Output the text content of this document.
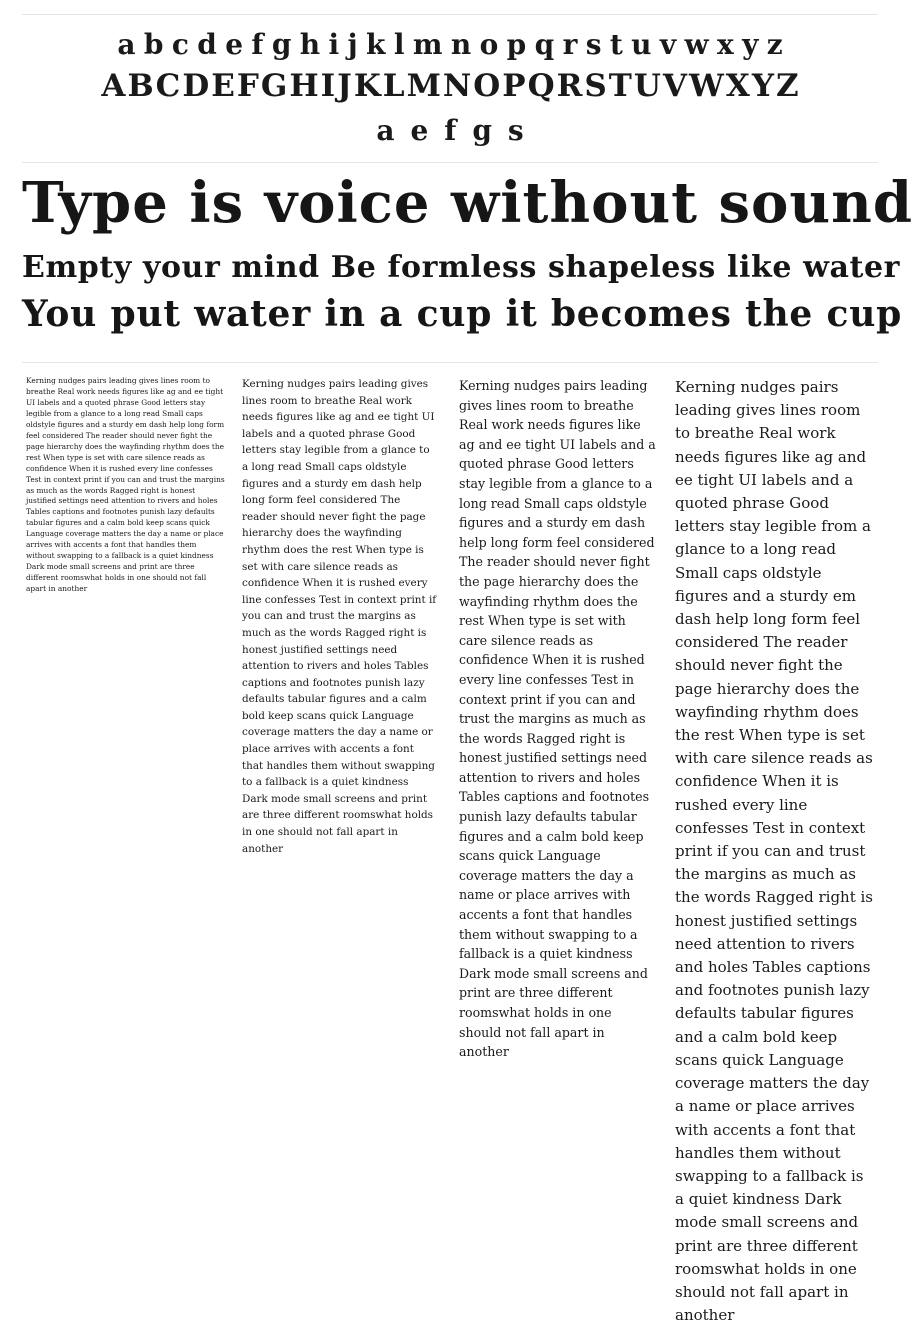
a b c d e f g h i j k l m n o p q r s t u v w x y z
A B C D E F G H I J K L M N O P Q R S T U V W X Y Z
a e f g s
Type is voice without sound
Empty your mind Be formless shapeless like water
You put water in a cup it becomes the cup

Kerning nudges pairs leading gives lines room to breathe Real work needs figures like ag and ee tight UI labels and a quoted phrase Good letters stay legible from a glance to a long read Small caps oldstyle figures and a sturdy em dash help long form feel considered The reader should never fight the page hierarchy does the wayfinding rhythm does the rest When type is set with care silence reads as confidence When it is rushed every line confesses Test in context print if you can and trust the margins as much as the words Ragged right is honest justified settings need attention to rivers and holes Tables captions and footnotes punish lazy defaults tabular figures and a calm bold keep scans quick Language coverage matters the day a name or place arrives with accents a font that handles them without swapping to a fallback is a quiet kindness Dark mode small screens and print are three different roomswhat holds in one should not fall apart in another

Kerning nudges pairs leading gives lines room to breathe Real work needs figures like ag and ee tight UI labels and a quoted phrase Good letters stay legible from a glance to a long read Small caps oldstyle figures and a sturdy em dash help long form feel considered The reader should never fight the page hierarchy does the wayfinding rhythm does the rest When type is set with care silence reads as confidence When it is rushed every line confesses Test in context print if you can and trust the margins as much as the words Ragged right is honest justified settings need attention to rivers and holes Tables captions and footnotes punish lazy defaults tabular figures and a calm bold keep scans quick Language coverage matters the day a name or place arrives with accents a font that handles them without swapping to a fallback is a quiet kindness Dark mode small screens and print are three different roomswhat holds in one should not fall apart in another

Kerning nudges pairs leading gives lines room to breathe Real work needs figures like ag and ee tight UI labels and a quoted phrase Good letters stay legible from a glance to a long read Small caps oldstyle figures and a sturdy em dash help long form feel considered The reader should never fight the page hierarchy does the wayfinding rhythm does the rest When type is set with care silence reads as confidence When it is rushed every line confesses Test in context print if you can and trust the margins as much as the words Ragged right is honest justified settings need attention to rivers and holes Tables captions and footnotes punish lazy defaults tabular figures and a calm bold keep scans quick Language coverage matters the day a name or place arrives with accents a font that handles them without swapping to a fallback is a quiet kindness Dark mode small screens and print are three different roomswhat holds in one should not fall apart in another

Kerning nudges pairs leading gives lines room to breathe Real work needs figures like ag and ee tight UI labels and a quoted phrase Good letters stay legible from a glance to a long read Small caps oldstyle figures and a sturdy em dash help long form feel considered The reader should never fight the page hierarchy does the wayfinding rhythm does the rest When type is set with care silence reads as confidence When it is rushed every line confesses Test in context print if you can and trust the margins as much as the words Ragged right is honest justified settings need attention to rivers and holes Tables captions and footnotes punish lazy defaults tabular figures and a calm bold keep scans quick Language coverage matters the day a name or place arrives with accents a font that handles them without swapping to a fallback is a quiet kindness Dark mode small screens and print are three different roomswhat holds in one should not fall apart in another
